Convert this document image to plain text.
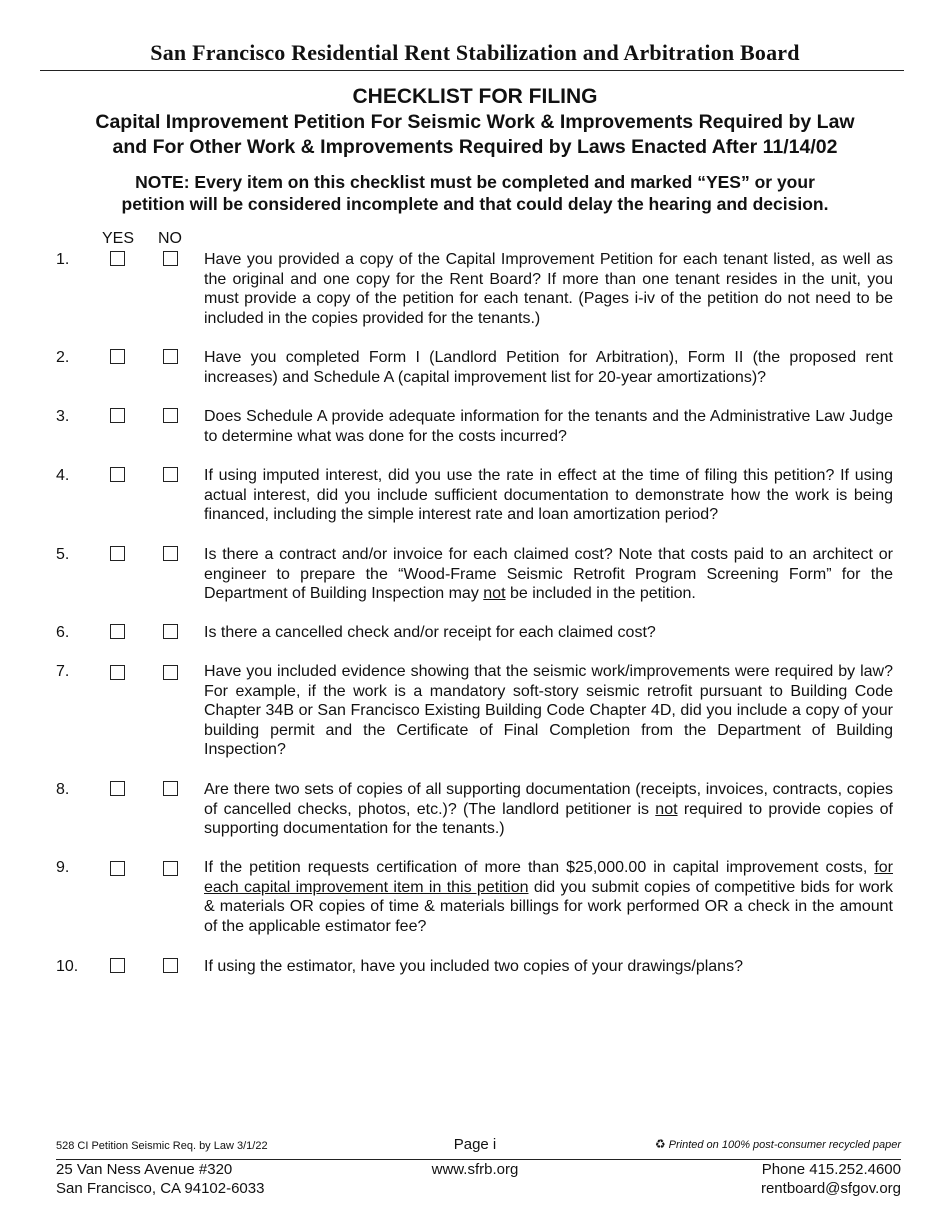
San Francisco Residential Rent Stabilization and Arbitration Board
CHECKLIST FOR FILING
Capital Improvement Petition For Seismic Work & Improvements Required by Law
and For Other Work & Improvements Required by Laws Enacted After 11/14/02
NOTE: Every item on this checklist must be completed and marked “YES” or your
petition will be considered incomplete and that could delay the hearing and decision.
YES NO
1.	Have you provided a copy of the Capital Improvement Petition for each tenant listed, as well as the original and one copy for the Rent Board? If more than one tenant resides in the unit, you must provide a copy of the petition for each tenant. (Pages i-iv of the petition do not need to be included in the copies provided for the tenants.)
2.	Have you completed Form I (Landlord Petition for Arbitration), Form II (the proposed rent increases) and Schedule A (capital improvement list for 20-year amortizations)?
3.	Does Schedule A provide adequate information for the tenants and the Administrative Law Judge to determine what was done for the costs incurred?
4.	If using imputed interest, did you use the rate in effect at the time of filing this petition? If using actual interest, did you include sufficient documentation to demonstrate how the work is being financed, including the simple interest rate and loan amortization period?
5.	Is there a contract and/or invoice for each claimed cost? Note that costs paid to an architect or engineer to prepare the “Wood-Frame Seismic Retrofit Program Screening Form” for the Department of Building Inspection may not be included in the petition.
6.	Is there a cancelled check and/or receipt for each claimed cost?
7.	Have you included evidence showing that the seismic work/improvements were required by law? For example, if the work is a mandatory soft-story seismic retrofit pursuant to Building Code Chapter 34B or San Francisco Existing Building Code Chapter 4D, did you include a copy of your building permit and the Certificate of Final Completion from the Department of Building Inspection?
8.	Are there two sets of copies of all supporting documentation (receipts, invoices, contracts, copies of cancelled checks, photos, etc.)? (The landlord petitioner is not required to provide copies of supporting documentation for the tenants.)
9.	If the petition requests certification of more than $25,000.00 in capital improvement costs, for each capital improvement item in this petition did you submit copies of competitive bids for work & materials OR copies of time & materials billings for work performed OR a check in the amount of the applicable estimator fee?
10.	If using the estimator, have you included two copies of your drawings/plans?
528 CI Petition Seismic Req. by Law 3/1/22	Page i	♻ Printed on 100% post-consumer recycled paper
25 Van Ness Avenue #320
San Francisco, CA 94102-6033
www.sfrb.org	Phone 415.252.4600
rentboard@sfgov.org
